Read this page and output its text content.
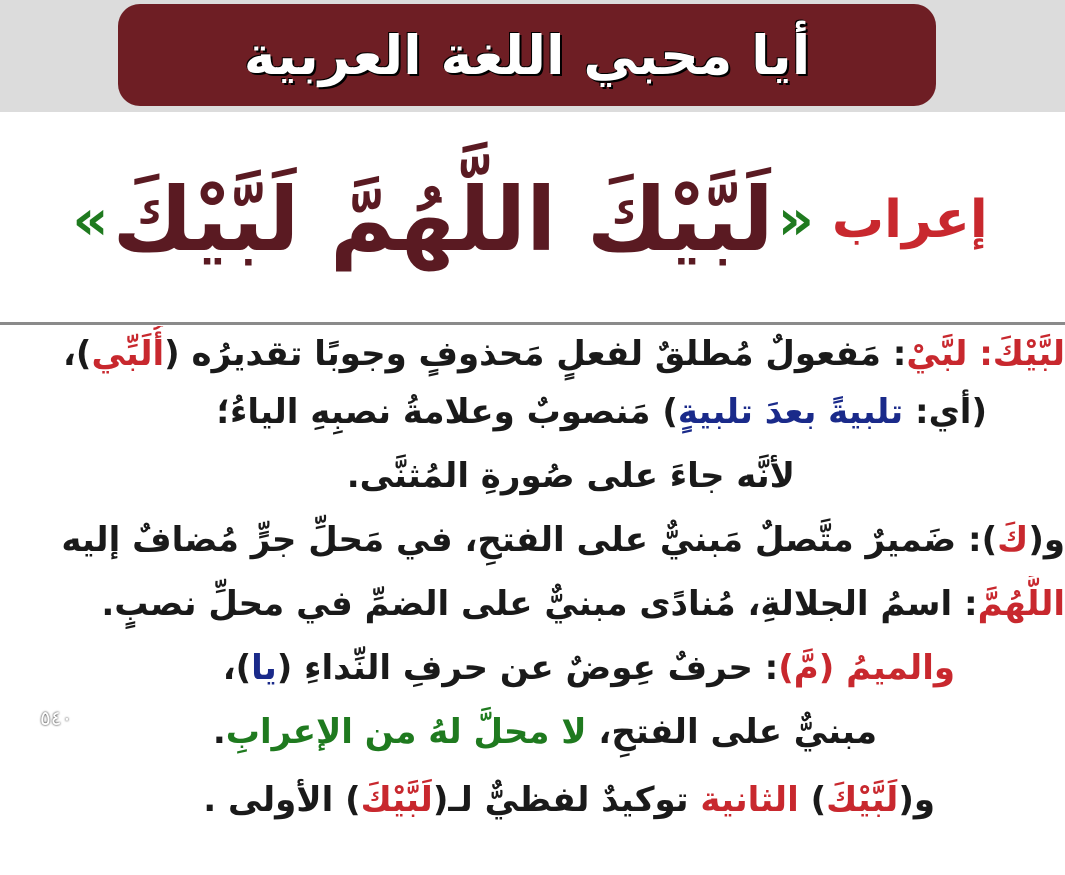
أيا محبي اللغة العربية
إعراب
«
لَبَّيْكَ اللَّهُمَّ لَبَّيْكَ
»
لبَّيْكَ: لبَّيْ: مَفعولٌ مُطلقٌ لفعلٍ مَحذوفٍ وجوبًا تقديرُه (أُلَبِّي)،
(أي: تلبيةً بعدَ تلبيةٍ) مَنصوبٌ وعلامةُ نصبِهِ الياءُ؛
لأنَّه جاءَ على صُورةِ المُثنَّى.
و(كَ): ضَميرٌ متَّصلٌ مَبنيٌّ على الفتحِ، في مَحلِّ جرٍّ مُضافٌ إليه
اللَّهُمَّ: اسمُ الجلالةِ، مُنادًى مبنيٌّ على الضمِّ في محلِّ نصبٍ.
والميمُ (مَّ): حرفٌ عِوضٌ عن حرفِ النِّداءِ (يا)،
مبنيٌّ على الفتحِ، لا محلَّ لهُ من الإعرابِ.
و(لَبَّيْكَ) الثانية توكيدٌ لفظيٌّ لـ(لَبَّيْكَ) الأولى .
٥٤٠
